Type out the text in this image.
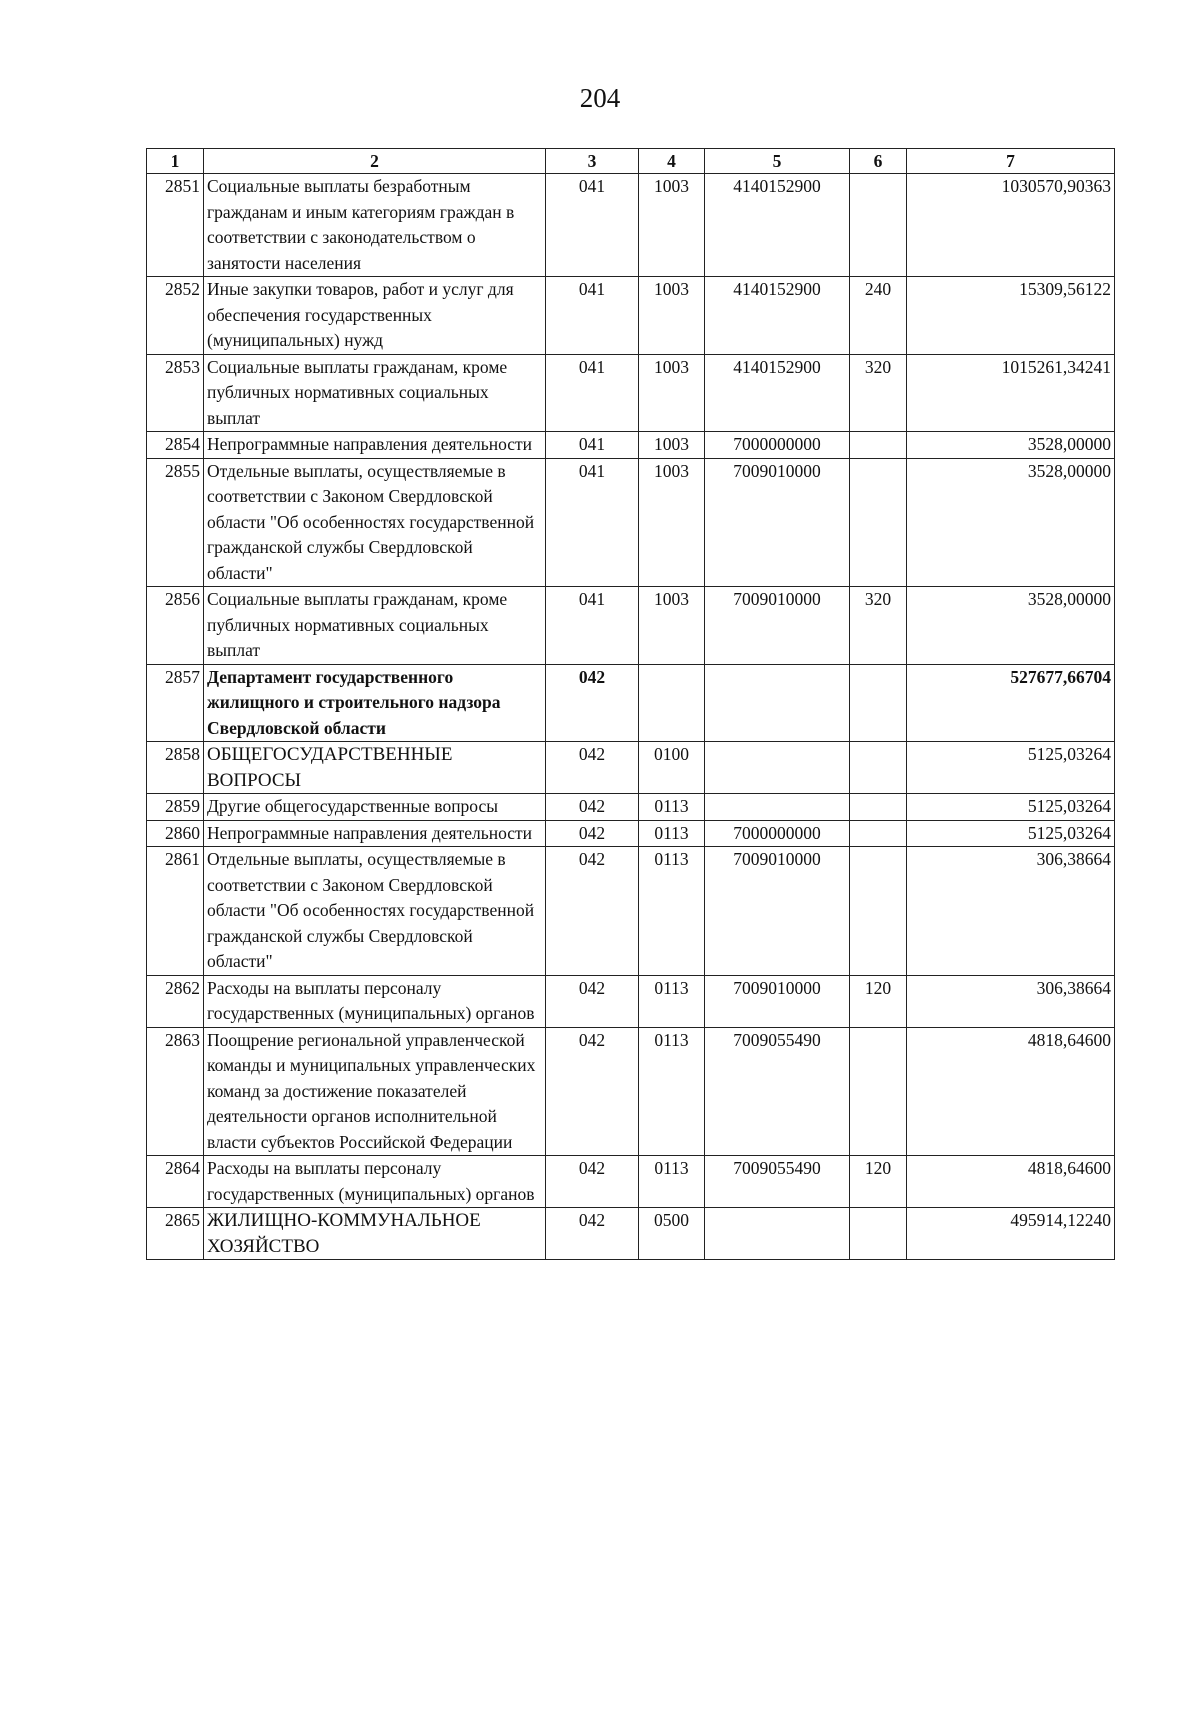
204
1	2	3	4	5	6	7
2851	Социальные выплаты безработным гражданам и иным категориям граждан в соответствии с законодательством о занятости населения	041	1003	4140152900		1030570,90363
2852	Иные закупки товаров, работ и услуг для обеспечения государственных (муниципальных) нужд	041	1003	4140152900	240	15309,56122
2853	Социальные выплаты гражданам, кроме публичных нормативных социальных выплат	041	1003	4140152900	320	1015261,34241
2854	Непрограммные направления деятельности	041	1003	7000000000		3528,00000
2855	Отдельные выплаты, осуществляемые в соответствии с Законом Свердловской области "Об особенностях государственной гражданской службы Свердловской области"	041	1003	7009010000		3528,00000
2856	Социальные выплаты гражданам, кроме публичных нормативных социальных выплат	041	1003	7009010000	320	3528,00000
2857	Департамент государственного жилищного и строительного надзора Свердловской области	042				527677,66704
2858	ОБЩЕГОСУДАРСТВЕННЫЕ ВОПРОСЫ	042	0100			5125,03264
2859	Другие общегосударственные вопросы	042	0113			5125,03264
2860	Непрограммные направления деятельности	042	0113	7000000000		5125,03264
2861	Отдельные выплаты, осуществляемые в соответствии с Законом Свердловской области "Об особенностях государственной гражданской службы Свердловской области"	042	0113	7009010000		306,38664
2862	Расходы на выплаты персоналу государственных (муниципальных) органов	042	0113	7009010000	120	306,38664
2863	Поощрение региональной управленческой команды и муниципальных управленческих команд за достижение показателей деятельности органов исполнительной власти субъектов Российской Федерации	042	0113	7009055490		4818,64600
2864	Расходы на выплаты персоналу государственных (муниципальных) органов	042	0113	7009055490	120	4818,64600
2865	ЖИЛИЩНО-КОММУНАЛЬНОЕ ХОЗЯЙСТВО	042	0500			495914,12240
